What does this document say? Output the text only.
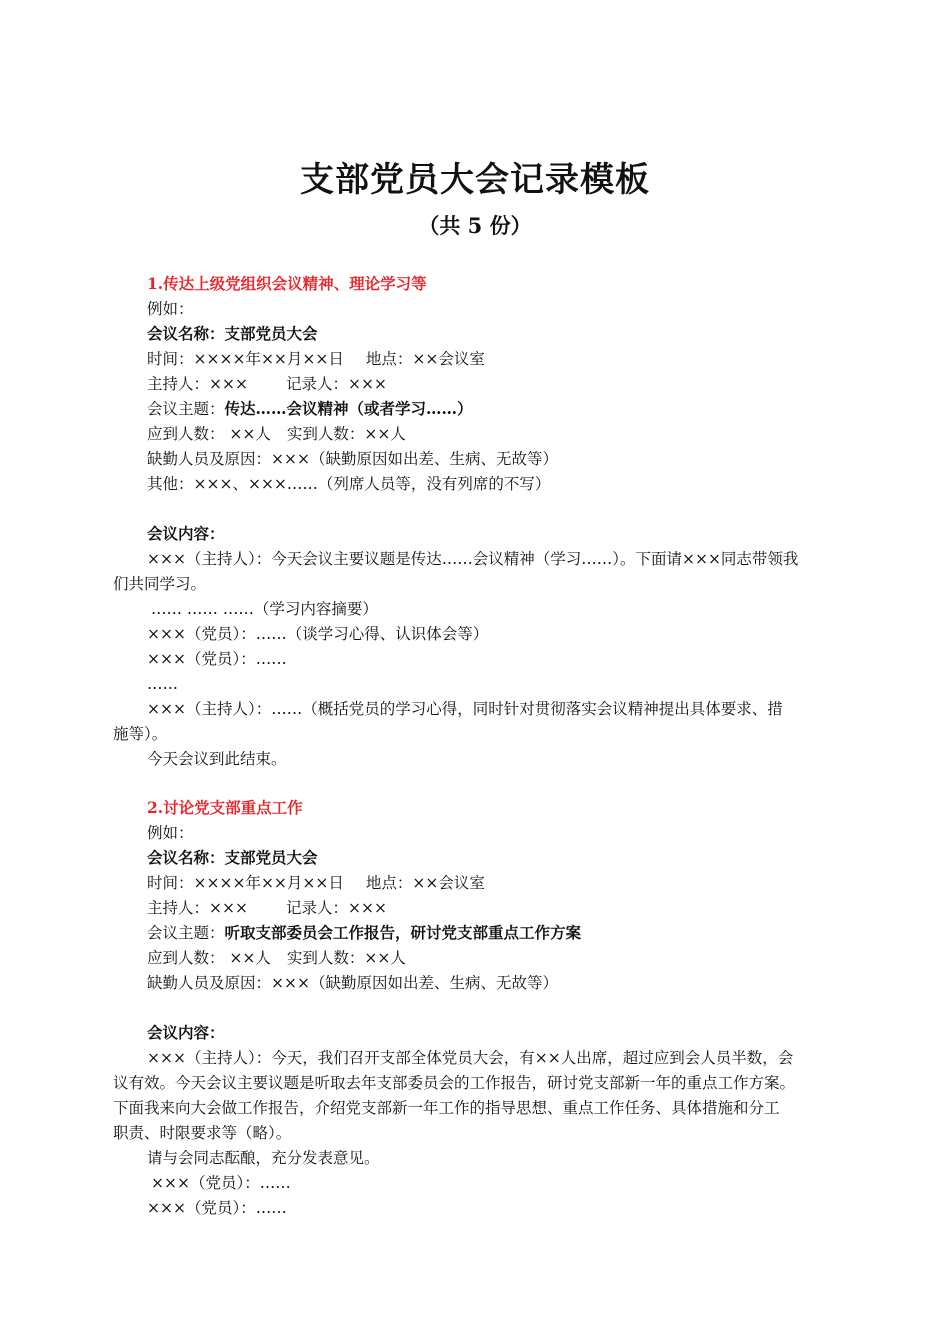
支部党员大会记录模板
（共 5 份）
1.传达上级党组织会议精神、理论学习等
例如：
会议名称：支部党员大会
时间：××××年××月××日 地点：××会议室
主持人：××× 记录人：×××
会议主题：传达……会议精神（或者学习……）
应到人数： ××人 实到人数：××人
缺勤人员及原因：×××（缺勤原因如出差、生病、无故等）
其他：×××、×××……（列席人员等，没有列席的不写）
会议内容：
×××（主持人）：今天会议主要议题是传达……会议精神（学习……）。下面请×××同志带领我
们共同学习。
…… …… ……（学习内容摘要）
×××（党员）：……（谈学习心得、认识体会等）
×××（党员）：……
……
×××（主持人）：……（概括党员的学习心得，同时针对贯彻落实会议精神提出具体要求、措
施等）。
今天会议到此结束。
2.讨论党支部重点工作
例如：
会议名称：支部党员大会
时间：××××年××月××日 地点：××会议室
主持人：××× 记录人：×××
会议主题：听取支部委员会工作报告，研讨党支部重点工作方案
应到人数： ××人 实到人数：××人
缺勤人员及原因：×××（缺勤原因如出差、生病、无故等）
会议内容：
×××（主持人）：今天，我们召开支部全体党员大会，有××人出席，超过应到会人员半数，会
议有效。今天会议主要议题是听取去年支部委员会的工作报告，研讨党支部新一年的重点工作方案。
下面我来向大会做工作报告，介绍党支部新一年工作的指导思想、重点工作任务、具体措施和分工
职责、时限要求等（略）。
请与会同志酝酿，充分发表意见。
×××（党员）：……
×××（党员）：……
